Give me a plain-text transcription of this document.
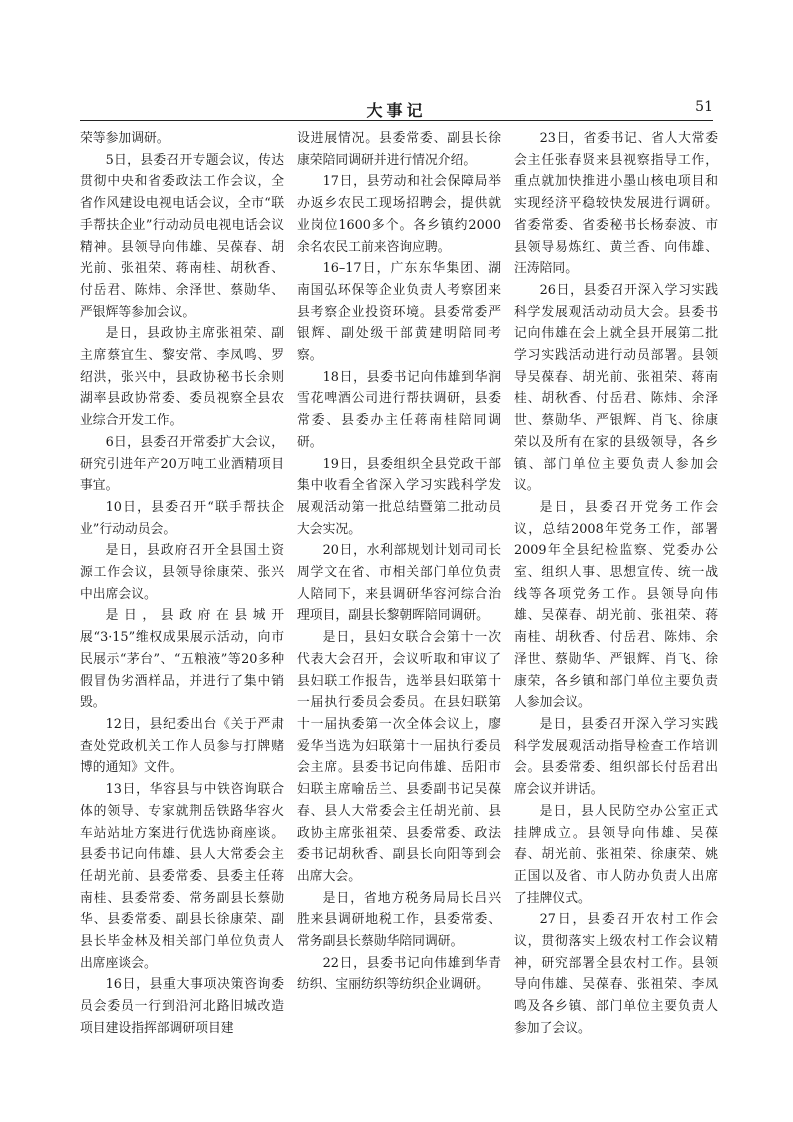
大事记	51

荣等参加调研。

5日，县委召开专题会议，传达贯彻中央和省委政法工作会议，全省作风建设电视电话会议，全市“联手帮扶企业”行动动员电视电话会议精神。县领导向伟雄、吴葆春、胡光前、张祖荣、蒋南桂、胡秋香、付岳君、陈炜、余泽世、蔡勋华、严银辉等参加会议。

是日，县政协主席张祖荣、副主席蔡宜生、黎安常、李凤鸣、罗绍洪，张兴中，县政协秘书长余则湖率县政协常委、委员视察全县农业综合开发工作。

6日，县委召开常委扩大会议，研究引进年产20万吨工业酒精项目事宜。

10日，县委召开“联手帮扶企业”行动动员会。

是日，县政府召开全县国土资源工作会议，县领导徐康荣、张兴中出席会议。

是日，县政府在县城开展“3·15”维权成果展示活动，向市民展示“茅台”、“五粮液”等20多种假冒伪劣酒样品，并进行了集中销毁。

12日，县纪委出台《关于严肃查处党政机关工作人员参与打牌赌博的通知》文件。

13日，华容县与中铁咨询联合体的领导、专家就荆岳铁路华容火车站站址方案进行优选协商座谈。县委书记向伟雄、县人大常委会主任胡光前、县委常委、县委主任蒋南桂、县委常委、常务副县长蔡勋华、县委常委、副县长徐康荣、副县长毕金林及相关部门单位负责人出席座谈会。

16日，县重大事项决策咨询委员会委员一行到沿河北路旧城改造项目建设指挥部调研项目建

设进展情况。县委常委、副县长徐康荣陪同调研并进行情况介绍。

17日，县劳动和社会保障局举办返乡农民工现场招聘会，提供就业岗位1600多个。各乡镇约2000余名农民工前来咨询应聘。

16–17日，广东东华集团、湖南国弘环保等企业负责人考察团来县考察企业投资环境。县委常委严银辉、副处级干部黄建明陪同考察。

18日，县委书记向伟雄到华润雪花啤酒公司进行帮扶调研，县委常委、县委办主任蒋南桂陪同调研。

19日，县委组织全县党政干部集中收看全省深入学习实践科学发展观活动第一批总结暨第二批动员大会实况。

20日，水利部规划计划司司长周学文在省、市相关部门单位负责人陪同下，来县调研华容河综合治理项目，副县长黎朝晖陪同调研。

是日，县妇女联合会第十一次代表大会召开，会议听取和审议了县妇联工作报告，选举县妇联第十一届执行委员会委员。在县妇联第十一届执委第一次全体会议上，廖爱华当选为妇联第十一届执行委员会主席。县委书记向伟雄、岳阳市妇联主席喻岳兰、县委副书记吴葆春、县人大常委会主任胡光前、县政协主席张祖荣、县委常委、政法委书记胡秋香、副县长向阳等到会出席大会。

是日，省地方税务局局长吕兴胜来县调研地税工作，县委常委、常务副县长蔡勋华陪同调研。

22日，县委书记向伟雄到华青纺织、宝丽纺织等纺织企业调研。

23日，省委书记、省人大常委会主任张春贤来县视察指导工作，重点就加快推进小墨山核电项目和实现经济平稳较快发展进行调研。省委常委、省委秘书长杨泰波、市县领导易炼红、黄兰香、向伟雄、汪涛陪同。

26日，县委召开深入学习实践科学发展观活动动员大会。县委书记向伟雄在会上就全县开展第二批学习实践活动进行动员部署。县领导吴葆春、胡光前、张祖荣、蒋南桂、胡秋香、付岳君、陈炜、余泽世、蔡勋华、严银辉、肖飞、徐康荣以及所有在家的县级领导，各乡镇、部门单位主要负责人参加会议。

是日，县委召开党务工作会议，总结2008年党务工作，部署2009年全县纪检监察、党委办公室、组织人事、思想宣传、统一战线等各项党务工作。县领导向伟雄、吴葆春、胡光前、张祖荣、蒋南桂、胡秋香、付岳君、陈炜、余泽世、蔡勋华、严银辉、肖飞、徐康荣，各乡镇和部门单位主要负责人参加会议。

是日，县委召开深入学习实践科学发展观活动指导检查工作培训会。县委常委、组织部长付岳君出席会议并讲话。

是日，县人民防空办公室正式挂牌成立。县领导向伟雄、吴葆春、胡光前、张祖荣、徐康荣、姚正国以及省、市人防办负责人出席了挂牌仪式。

27日，县委召开农村工作会议，贯彻落实上级农村工作会议精神，研究部署全县农村工作。县领导向伟雄、吴葆春、张祖荣、李凤鸣及各乡镇、部门单位主要负责人参加了会议。
